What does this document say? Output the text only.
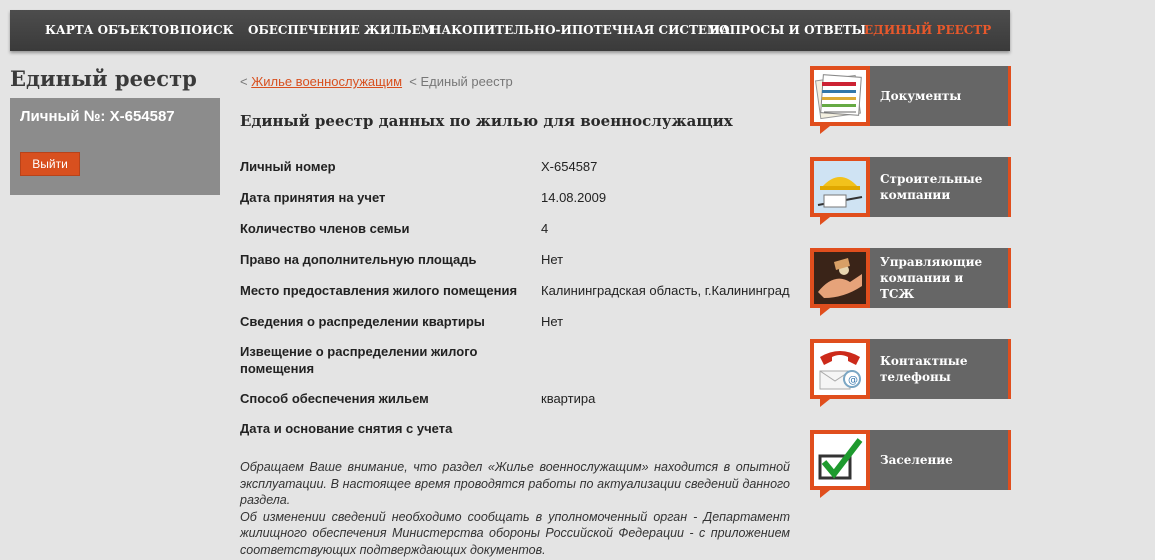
КАРТА ОБЪЕКТОВ ПОИСК ОБЕСПЕЧЕНИЕ ЖИЛЬЕМ
НАКОПИТЕЛЬНО-ИПОТЕЧНАЯ СИСТЕМА
ВОПРОСЫ И ОТВЕТЫ
ЕДИНЫЙ РЕЕСТР
Единый реестр
Личный №: Х-654587
Выйти
< Жилье военнослужащим < Единый реестр
Единый реестр данных по жилью для военнослужащих
Личный номер	Х-654587
Дата принятия на учет	14.08.2009
Количество членов семьи	4
Право на дополнительную площадь	Нет
Место предоставления жилого помещения	Калининградская область, г.Калининград
Сведения о распределении квартиры	Нет
Извещение о распределении жилого помещения
Способ обеспечения жильем	квартира
Дата и основание снятия с учета

Обращаем Ваше внимание, что раздел «Жилье военнослужащим» находится в опытной эксплуатации. В настоящее время проводятся работы по актуализации сведений данного раздела.

Об изменении сведений необходимо сообщать в уполномоченный орган - Департамент жилищного обеспечения Министерства обороны Российской Федерации - с приложением соответствующих подтверждающих документов.

Документы
Строительные компании
Управляющие компании и ТСЖ
@
Контактные телефоны
Заселение
